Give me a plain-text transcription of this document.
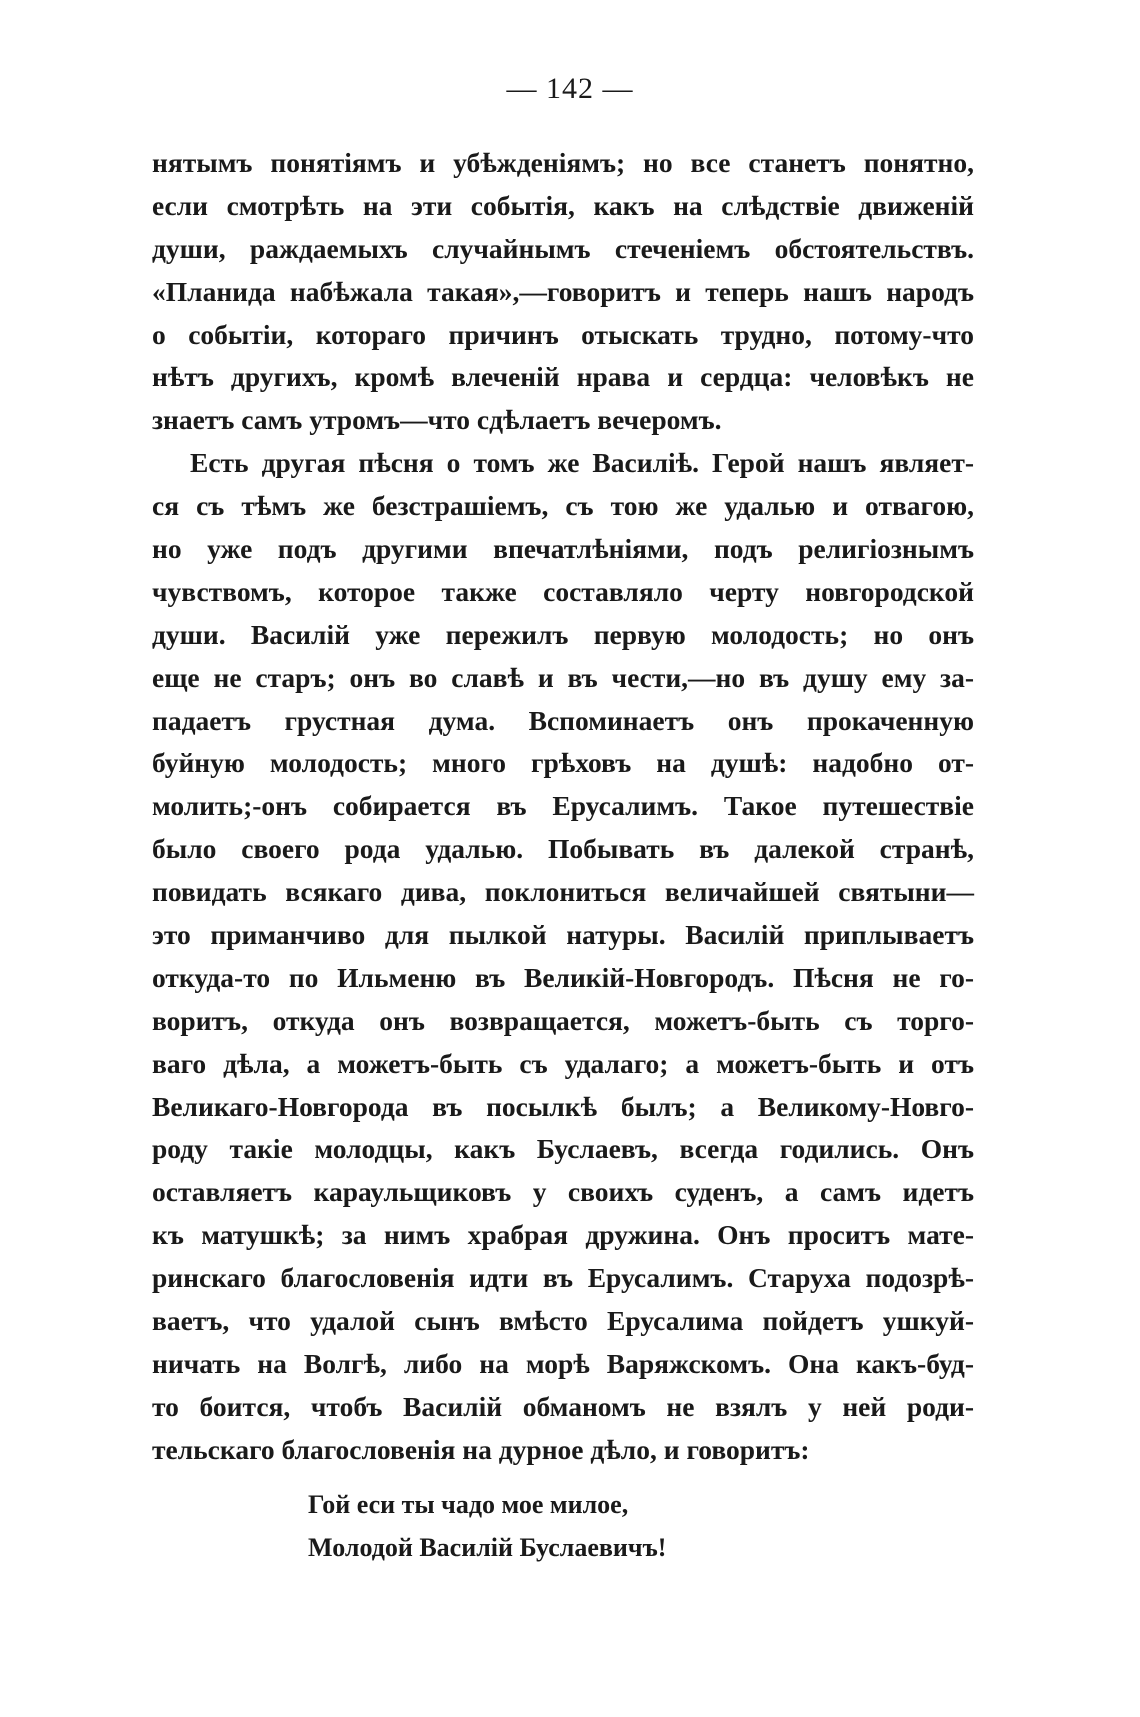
— 142 —
нятымъ понятіямъ и убѣжденіямъ; но все станетъ понятно,
если смотрѣть на эти событія, какъ на слѣдствіе движеній
души, раждаемыхъ случайнымъ стеченіемъ обстоятельствъ.
«Планида набѣжала такая»,—говоритъ и теперь нашъ народъ
о событіи, котораго причинъ отыскать трудно, потому-что
нѣтъ другихъ, кромѣ влеченій нрава и сердца: человѣкъ не
знаетъ самъ утромъ—что сдѣлаетъ вечеромъ.
Есть другая пѣсня о томъ же Василіѣ. Герой нашъ являет-
ся съ тѣмъ же безстрашіемъ, съ тою же удалью и отвагою,
но уже подъ другими впечатлѣніями, подъ религіознымъ
чувствомъ, которое также составляло черту новгородской
души. Василій уже пережилъ первую молодость; но онъ
еще не старъ; онъ во славѣ и въ чести,—но въ душу ему за-
падаетъ грустная дума. Вспоминаетъ онъ прокаченную
буйную молодость; много грѣховъ на душѣ: надобно от-
молить;-онъ собирается въ Ерусалимъ. Такое путешествіе
было своего рода удалью. Побывать въ далекой странѣ,
повидать всякаго дива, поклониться величайшей святыни—
это приманчиво для пылкой натуры. Василій приплываетъ
откуда-то по Ильменю въ Великій-Новгородъ. Пѣсня не го-
воритъ, откуда онъ возвращается, можетъ-быть съ торго-
ваго дѣла, а можетъ-быть съ удалаго; а можетъ-быть и отъ
Великаго-Новгорода въ посылкѣ былъ; а Великому-Новго-
роду такіе молодцы, какъ Буслаевъ, всегда годились. Онъ
оставляетъ караульщиковъ у своихъ суденъ, а самъ идетъ
къ матушкѣ; за нимъ храбрая дружина. Онъ проситъ мате-
ринскаго благословенія идти въ Ерусалимъ. Старуха подозрѣ-
ваетъ, что удалой сынъ вмѣсто Ерусалима пойдетъ ушкуй-
ничать на Волгѣ, либо на морѣ Варяжскомъ. Она какъ-буд-
то боится, чтобъ Василій обманомъ не взялъ у ней роди-
тельскаго благословенія на дурное дѣло, и говоритъ:
Гой еси ты чадо мое милое,
Молодой Василій Буслаевичъ!
